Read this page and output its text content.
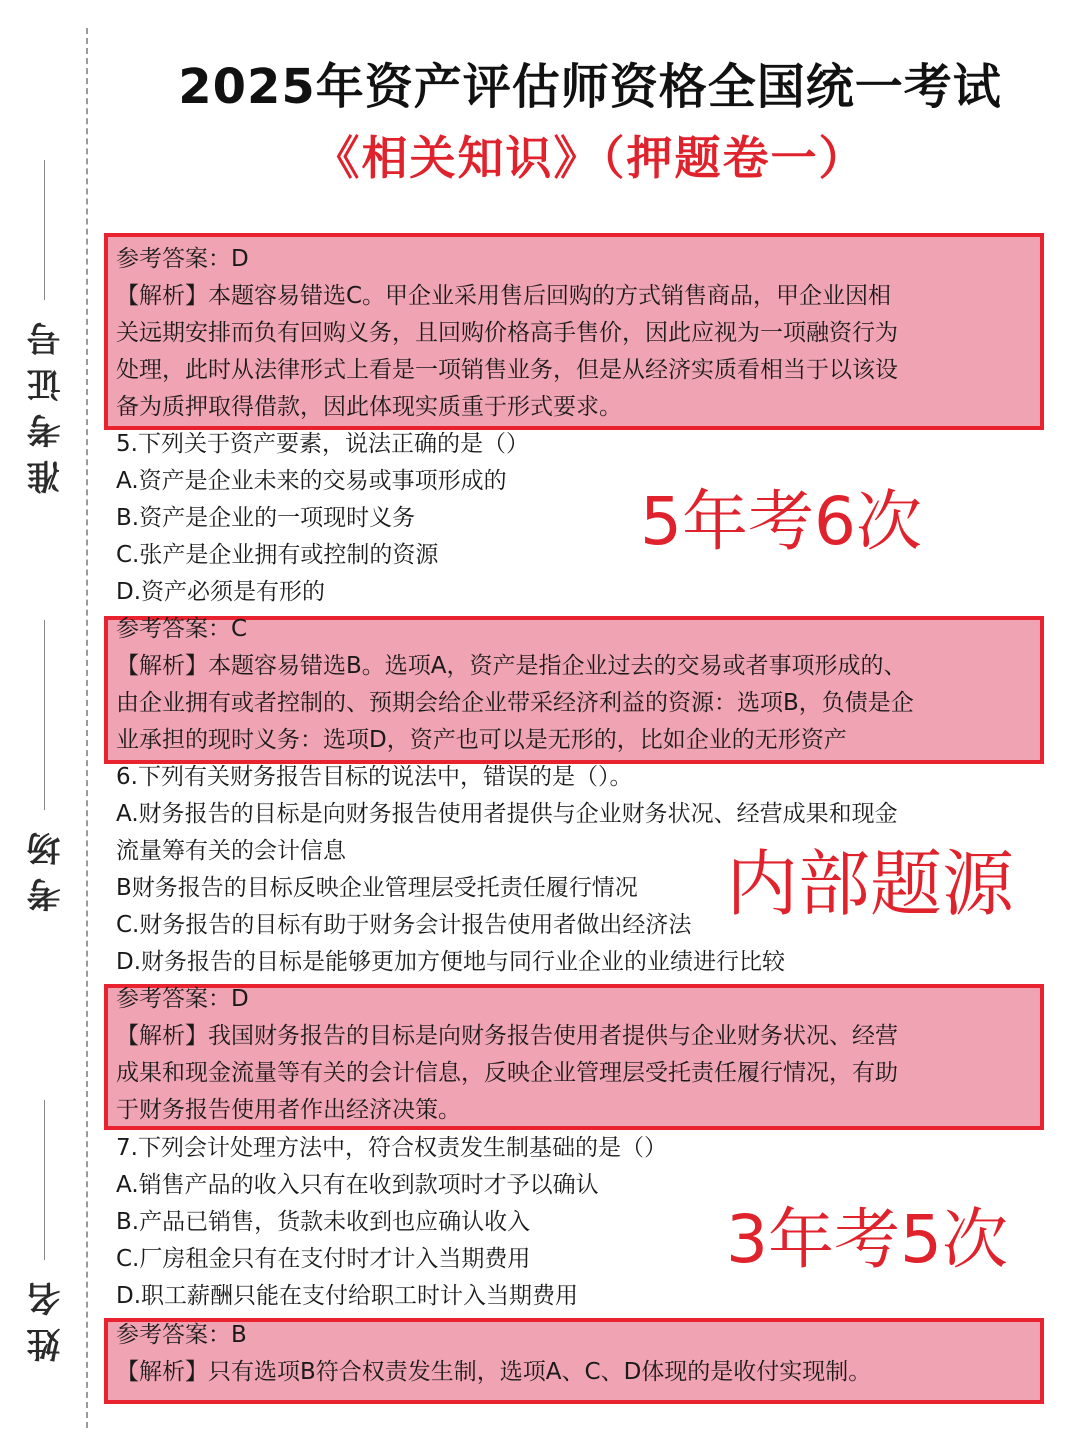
准考证号
考场
姓名
2025年资产评估师资格全国统一考试
《相关知识》（押题卷一）
参考答案：D
【解析】本题容易错选C。甲企业采用售后回购的方式销售商品，甲企业因相
关远期安排而负有回购义务，且回购价格高手售价，因此应视为一项融资行为
处理，此时从法律形式上看是一项销售业务，但是从经济实质看相当于以该设
备为质押取得借款，因此体现实质重于形式要求。
5.下列关于资产要素，说法正确的是（）
A.资产是企业未来的交易或事项形成的
B.资产是企业的一项现时义务
C.张产是企业拥有或控制的资源
D.资产必须是有形的
参考答案：C
【解析】本题容易错选B。选项A，资产是指企业过去的交易或者事项形成的、
由企业拥有或者控制的、预期会给企业带采经济利益的资源：选项B，负债是企
业承担的现时义务：选项D，资产也可以是无形的，比如企业的无形资产
6.下列有关财务报告目标的说法中，错误的是（）。
A.财务报告的目标是向财务报告使用者提供与企业财务状况、经营成果和现金
流量筹有关的会计信息
B财务报告的目标反映企业管理层受托责任履行情况
C.财务报告的目标有助于财务会计报告使用者做出经济法
D.财务报告的目标是能够更加方便地与同行业企业的业绩进行比较
参考答案：D
【解析】我国财务报告的目标是向财务报告使用者提供与企业财务状况、经营
成果和现金流量等有关的会计信息，反映企业管理层受托责任履行情况，有助
于财务报告使用者作出经济决策。
7.下列会计处理方法中，符合权责发生制基础的是（）
A.销售产品的收入只有在收到款项时才予以确认
B.产品已销售，货款未收到也应确认收入
C.厂房租金只有在支付时才计入当期费用
D.职工薪酬只能在支付给职工时计入当期费用
参考答案：B
【解析】只有选项B符合权责发生制，选项A、C、D体现的是收付实现制。
5年考6次
内部题源
3年考5次
